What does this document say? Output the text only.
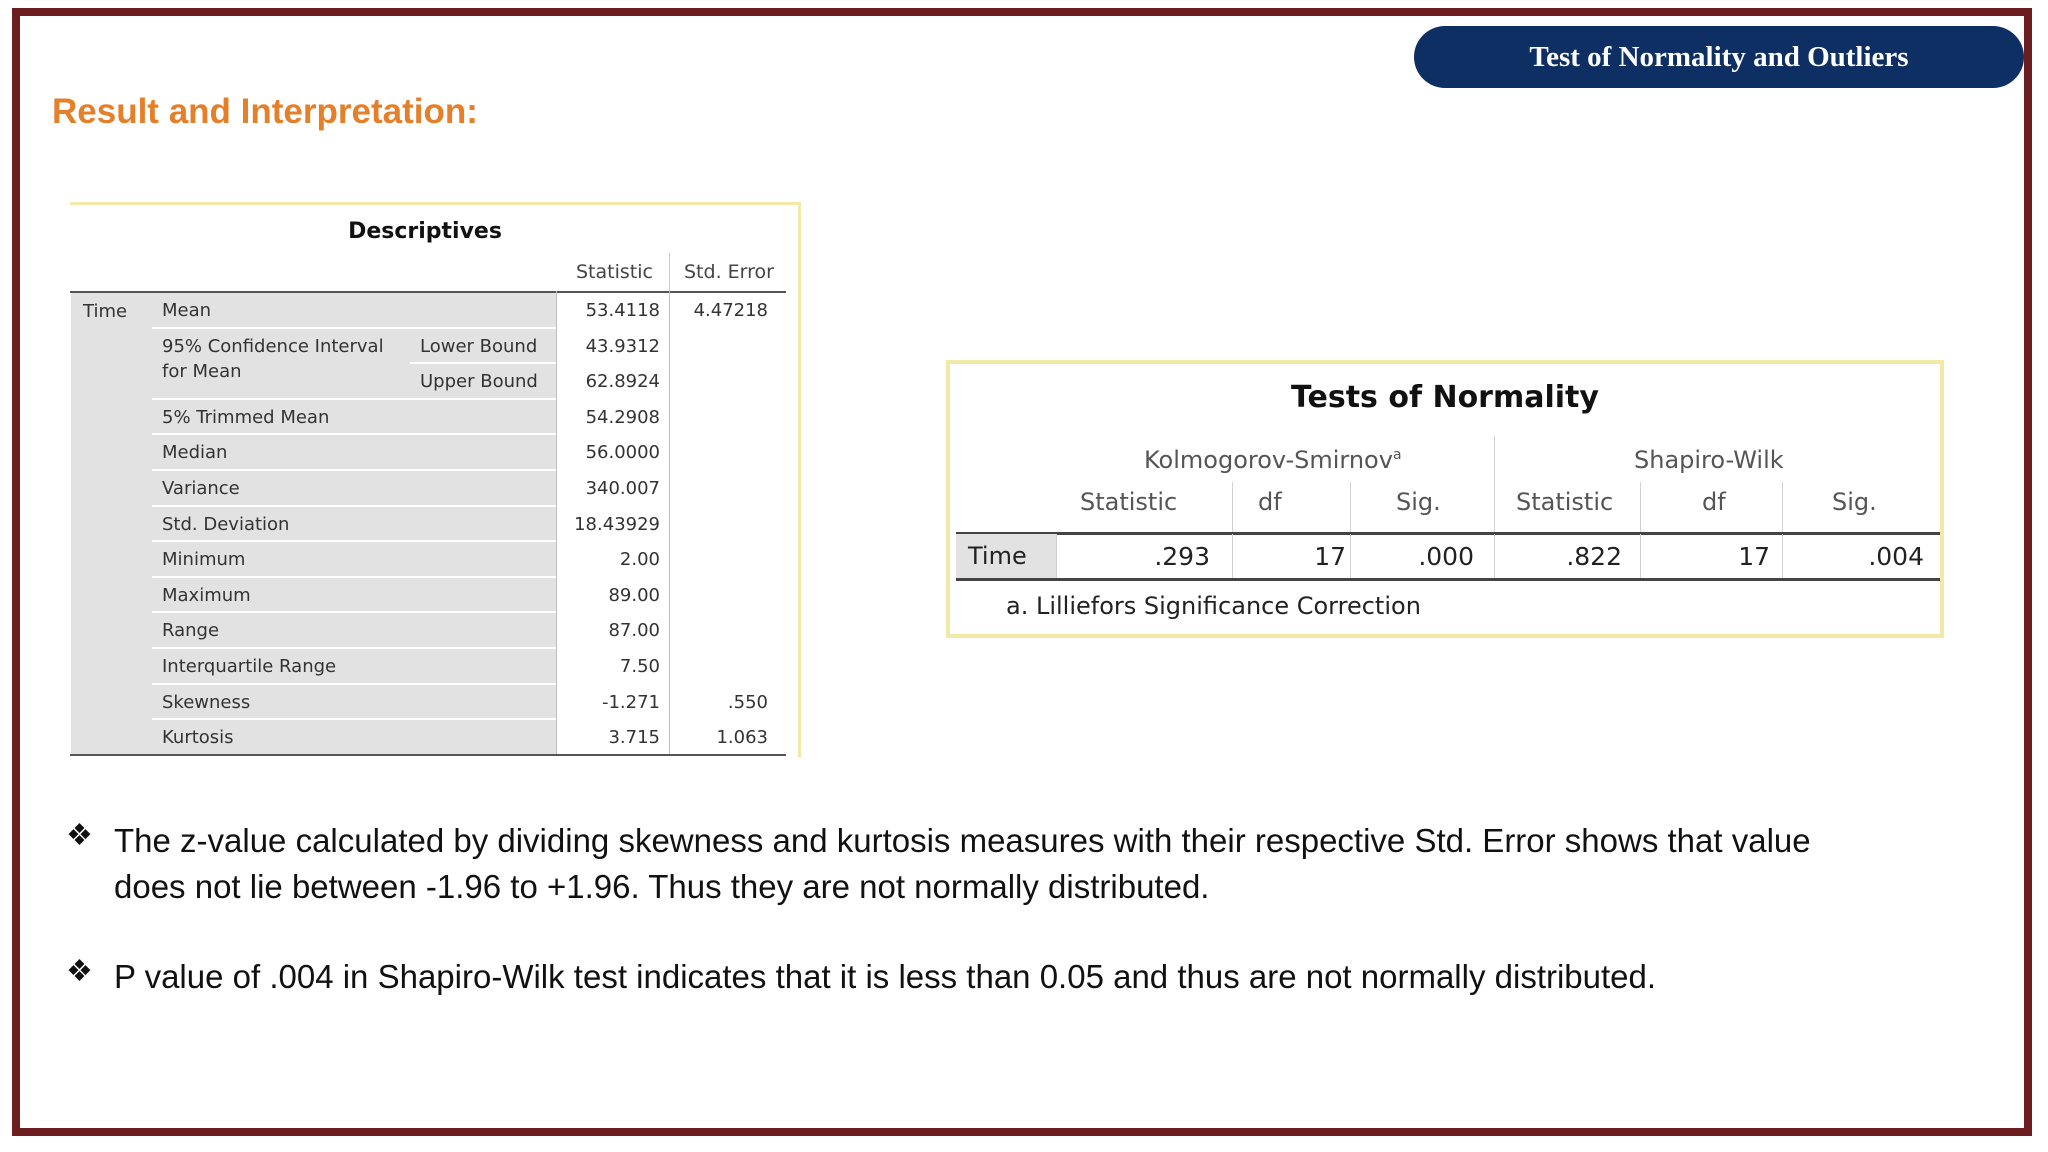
Test of Normality and Outliers
Result and Interpretation:
Descriptives
Statistic Std. Error
Time Mean	53.4118	4.47218
95% Confidence Interval Lower Bound	43.9312
for Mean	Upper Bound	62.8924
5% Trimmed Mean	54.2908
Median	56.0000
Variance	340.007
Std. Deviation	18.43929
Minimum	2.00
Maximum	89.00
Range	87.00
Interquartile Range	7.50
Skewness	-1.271	.550
Kurtosis	3.715	1.063
Tests of Normality
Kolmogorov-Smirnov$^a$	Shapiro-Wilk
Statistic	df	Sig.	Statistic	df	Sig.
Time	.293	17	.000	.822	17	.004
a. Lilliefors Significance Correction
❖ The z-value calculated by dividing skewness and kurtosis measures with their respective Std. Error shows that value
does not lie between -1.96 to +1.96. Thus they are not normally distributed.
❖ P value of .004 in Shapiro-Wilk test indicates that it is less than 0.05 and thus are not normally distributed.
